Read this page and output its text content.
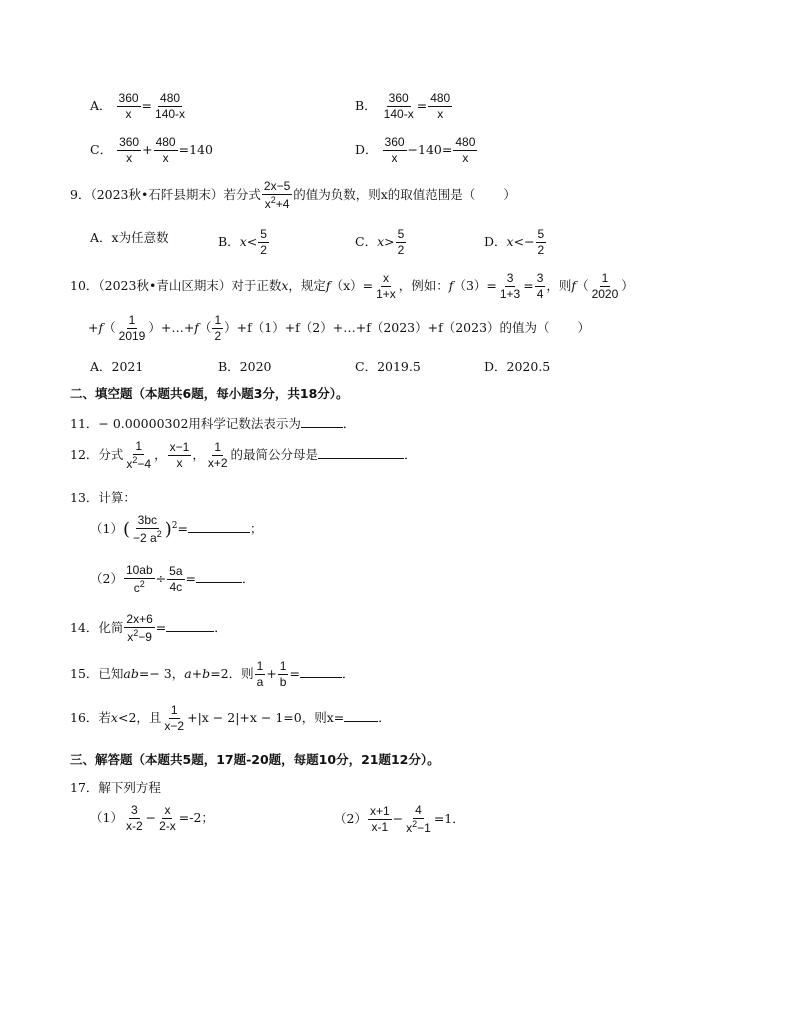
A． $\frac{360}{x} = \frac{480}{140-x}$	B． $\frac{360}{140-x} = \frac{480}{x}$
C． $\frac{360}{x} + \frac{480}{x} =140$	D． $\frac{360}{x} -140= \frac{480}{x}$
9．（2023秋•石阡县期末）若分式 $\frac{2x-5}{x^2+4}$ 的值为负数，则x的取值范围是（ ）
A．x为任意数	B．$x< \frac{5}{2}$	C．$x> \frac{5}{2}$	D．$x<- \frac{5}{2}$
10．（2023秋•青山区期末）对于正数x，规定$f(x)= \frac{x}{1+x}$ ，例如：$f(3)= \frac{3}{1+3} = \frac{3}{4}$ ，则$f( \frac{1}{2020}$ ）
$+f( \frac{1}{2019}$ ）+…+f（ $\frac{1}{2}$ ）+f（1）+f（2）+…+f（2023）+f（2023）的值为（ ）
A．2021	B．2020	C．2019.5	D．2020.5
二、填空题（本题共6题，每小题3分，共18分）。
11．− 0.00000302用科学记数法表示为	．
12．分式 $\frac{1}{x^2-4}$ ， $\frac{x-1}{x}$ ， $\frac{1}{x+2}$ 的最简公分母是	．
13．计算：
$(1)( \frac{3bc}{-2 a^2} )^2=$	；
$(2) \frac{10ab}{c^2} \div \frac{5a}{4c}$ =	．
14．化简 $\frac{2x+6}{x^2-9}$ =	．
15．已知ab=− 3，a+b=2．则 $\frac{1}{a} + \frac{1}{b}$ =	．
16．若x<2，且 $\frac{1}{x-2} +|x - 2|+x - 1=0$，则x=	．
三、解答题（本题共5题，17题-20题，每题10分，21题12分）。
17．解下列方程
$(1) \frac{3}{x-2} - \frac{x}{2-x} =-2$；	$(2) \frac{x+1}{x-1} - \frac{4}{x^2-1} =1$．
